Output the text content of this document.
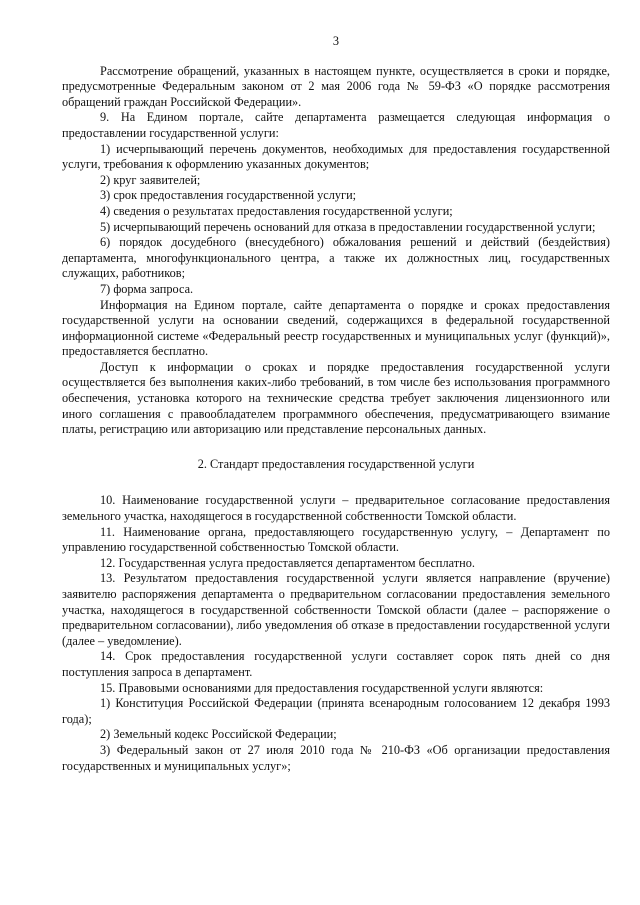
3

Рассмотрение обращений, указанных в настоящем пункте, осуществляется в сроки и порядке, предусмотренные Федеральным законом от 2 мая 2006 года № 59-ФЗ «О порядке рассмотрения обращений граждан Российской Федерации».

9. На Едином портале, сайте департамента размещается следующая информация о предоставлении государственной услуги:

1) исчерпывающий перечень документов, необходимых для предоставления государственной услуги, требования к оформлению указанных документов;

2) круг заявителей;

3) срок предоставления государственной услуги;

4) сведения о результатах предоставления государственной услуги;

5) исчерпывающий перечень оснований для отказа в предоставлении государственной услуги;

6) порядок досудебного (внесудебного) обжалования решений и действий (бездействия) департамента, многофункционального центра, а также их должностных лиц, государственных служащих, работников;

7) форма запроса.

Информация на Едином портале, сайте департамента о порядке и сроках предоставления государственной услуги на основании сведений, содержащихся в федеральной государственной информационной системе «Федеральный реестр государственных и муниципальных услуг (функций)», предоставляется бесплатно.

Доступ к информации о сроках и порядке предоставления государственной услуги осуществляется без выполнения каких-либо требований, в том числе без использования программного обеспечения, установка которого на технические средства требует заключения лицензионного или иного соглашения с правообладателем программного обеспечения, предусматривающего взимание платы, регистрацию или авторизацию или представление персональных данных.

2. Стандарт предоставления государственной услуги

10. Наименование государственной услуги – предварительное согласование предоставления земельного участка, находящегося в государственной собственности Томской области.

11. Наименование органа, предоставляющего государственную услугу, – Департамент по управлению государственной собственностью Томской области.

12. Государственная услуга предоставляется департаментом бесплатно.

13. Результатом предоставления государственной услуги является направление (вручение) заявителю распоряжения департамента о предварительном согласовании предоставления земельного участка, находящегося в государственной собственности Томской области (далее – распоряжение о предварительном согласовании), либо уведомления об отказе в предоставлении государственной услуги (далее – уведомление).

14. Срок предоставления государственной услуги составляет сорок пять дней со дня поступления запроса в департамент.

15. Правовыми основаниями для предоставления государственной услуги являются:

1) Конституция Российской Федерации (принята всенародным голосованием 12 декабря 1993 года);

2) Земельный кодекс Российской Федерации;

3) Федеральный закон от 27 июля 2010 года № 210-ФЗ «Об организации предоставления государственных и муниципальных услуг»;
